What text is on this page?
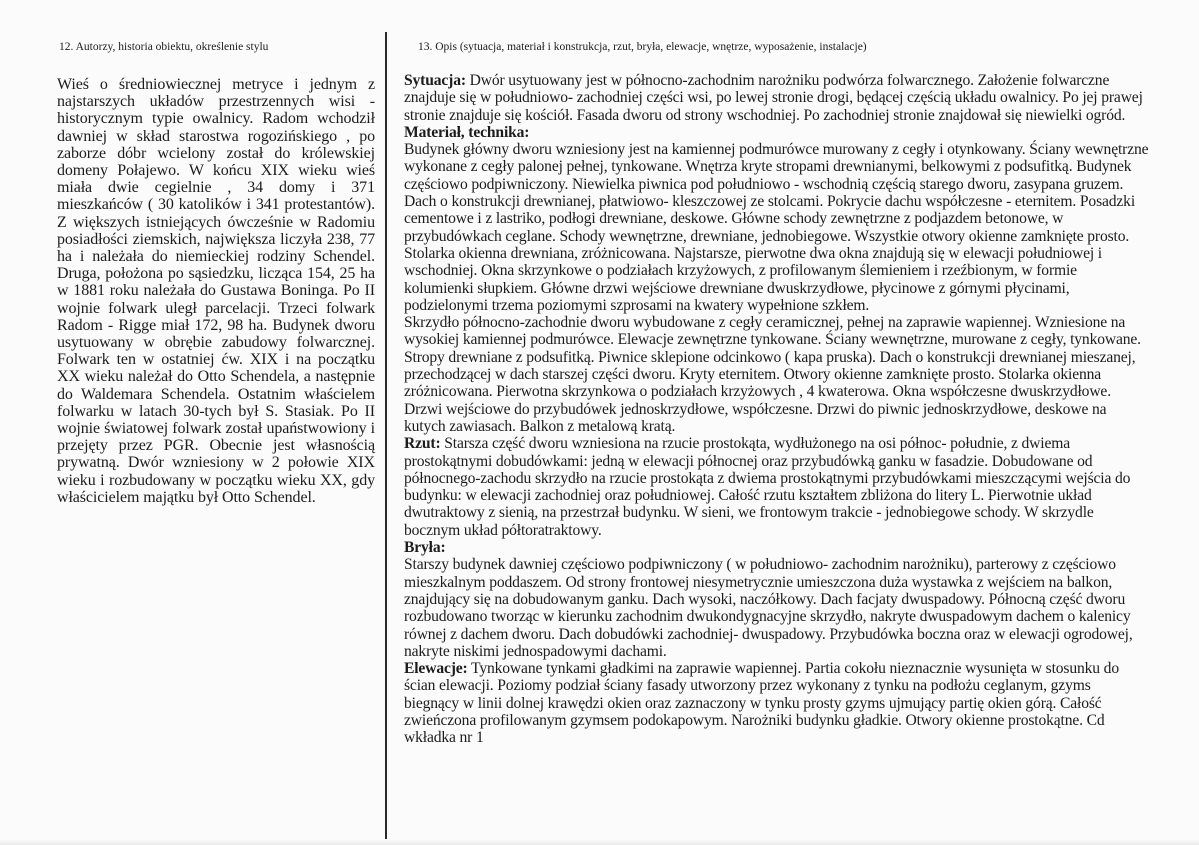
12. Autorzy, historia obiektu, określenie stylu
Wieś o średniowiecznej metryce i jednym z najstarszych układów przestrzennych wisi - historycznym typie owalnicy. Radom wchodził dawniej w skład starostwa rogozińskiego , po zaborze dóbr wcielony został do królewskiej domeny Połajewo. W końcu XIX wieku wieś miała dwie cegielnie , 34 domy i 371 mieszkańców ( 30 katolików i 341 protestantów). Z większych istniejących ówcześnie w Radomiu posiadłości ziemskich, największa liczyła 238, 77 ha i należała do niemieckiej rodziny Schendel. Druga, położona po sąsiedzku, licząca 154, 25 ha w 1881 roku należała do Gustawa Boninga. Po II wojnie folwark uległ parcelacji. Trzeci folwark Radom - Rigge miał 172, 98 ha. Budynek dworu usytuowany w obrębie zabudowy folwarcznej. Folwark ten w ostatniej ćw. XIX i na początku XX wieku należał do Otto Schendela, a następnie do Waldemara Schendela. Ostatnim właścielem folwarku w latach 30-tych był S. Stasiak. Po II wojnie światowej folwark został upaństwowiony i przejęty przez PGR. Obecnie jest własnością prywatną. Dwór wzniesiony w 2 połowie XIX wieku i rozbudowany w początku wieku XX, gdy właścicielem majątku był Otto Schendel.
13. Opis (sytuacja, materiał i konstrukcja, rzut, bryła, elewacje, wnętrze, wyposażenie, instalacje)

Sytuacja: Dwór usytuowany jest w północno-zachodnim narożniku podwórza folwarcznego. Założenie folwarczne znajduje się w południowo- zachodniej części wsi, po lewej stronie drogi, będącej częścią układu owalnicy. Po jej prawej stronie znajduje się kościół. Fasada dworu od strony wschodniej. Po zachodniej stronie znajdował się niewielki ogród.

Materiał, technika:

Budynek główny dworu wzniesiony jest na kamiennej podmurówce murowany z cegły i otynkowany. Ściany wewnętrzne wykonane z cegły palonej pełnej, tynkowane. Wnętrza kryte stropami drewnianymi, belkowymi z podsufitką. Budynek częściowo podpiwniczony. Niewielka piwnica pod południowo - wschodnią częścią starego dworu, zasypana gruzem. Dach o konstrukcji drewnianej, płatwiowo- kleszczowej ze stolcami. Pokrycie dachu współczesne - eternitem. Posadzki cementowe i z lastriko, podłogi drewniane, deskowe. Główne schody zewnętrzne z podjazdem betonowe, w przybudówkach ceglane. Schody wewnętrzne, drewniane, jednobiegowe. Wszystkie otwory okienne zamknięte prosto. Stolarka okienna drewniana, zróżnicowana. Najstarsze, pierwotne dwa okna znajdują się w elewacji południowej i wschodniej. Okna skrzynkowe o podziałach krzyżowych, z profilowanym ślemieniem i rzeźbionym, w formie kolumienki słupkiem. Główne drzwi wejściowe drewniane dwuskrzydłowe, płycinowe z górnymi płycinami, podzielonymi trzema poziomymi szprosami na kwatery wypełnione szkłem.

Skrzydło północno-zachodnie dworu wybudowane z cegły ceramicznej, pełnej na zaprawie wapiennej. Wzniesione na wysokiej kamiennej podmurówce. Elewacje zewnętrzne tynkowane. Ściany wewnętrzne, murowane z cegły, tynkowane. Stropy drewniane z podsufitką. Piwnice sklepione odcinkowo ( kapa pruska). Dach o konstrukcji drewnianej mieszanej, przechodzącej w dach starszej części dworu. Kryty eternitem. Otwory okienne zamknięte prosto. Stolarka okienna zróżnicowana. Pierwotna skrzynkowa o podziałach krzyżowych , 4 kwaterowa. Okna współczesne dwuskrzydłowe. Drzwi wejściowe do przybudówek jednoskrzydłowe, współczesne. Drzwi do piwnic jednoskrzydłowe, deskowe na kutych zawiasach. Balkon z metalową kratą.

Rzut: Starsza część dworu wzniesiona na rzucie prostokąta, wydłużonego na osi północ- południe, z dwiema prostokątnymi dobudówkami: jedną w elewacji północnej oraz przybudówką ganku w fasadzie. Dobudowane od północnego-zachodu skrzydło na rzucie prostokąta z dwiema prostokątnymi przybudówkami mieszczącymi wejścia do budynku: w elewacji zachodniej oraz południowej. Całość rzutu kształtem zbliżona do litery L. Pierwotnie układ dwutraktowy z sienią, na przestrzał budynku. W sieni, we frontowym trakcie - jednobiegowe schody. W skrzydle bocznym układ półtoratraktowy.

Bryła:

Starszy budynek dawniej częściowo podpiwniczony ( w południowo- zachodnim narożniku), parterowy z częściowo mieszkalnym poddaszem. Od strony frontowej niesymetrycznie umieszczona duża wystawka z wejściem na balkon, znajdujący się na dobudowanym ganku. Dach wysoki, naczółkowy. Dach facjaty dwuspadowy. Północną część dworu rozbudowano tworząc w kierunku zachodnim dwukondygnacyjne skrzydło, nakryte dwuspadowym dachem o kalenicy równej z dachem dworu. Dach dobudówki zachodniej- dwuspadowy. Przybudówka boczna oraz w elewacji ogrodowej, nakryte niskimi jednospadowymi dachami.

Elewacje: Tynkowane tynkami gładkimi na zaprawie wapiennej. Partia cokołu nieznacznie wysunięta w stosunku do ścian elewacji. Poziomy podział ściany fasady utworzony przez wykonany z tynku na podłożu ceglanym, gzyms biegnący w linii dolnej krawędzi okien oraz zaznaczony w tynku prosty gzyms ujmujący partię okien górą. Całość zwieńczona profilowanym gzymsem podokapowym. Narożniki budynku gładkie. Otwory okienne prostokątne. Cd wkładka nr 1
